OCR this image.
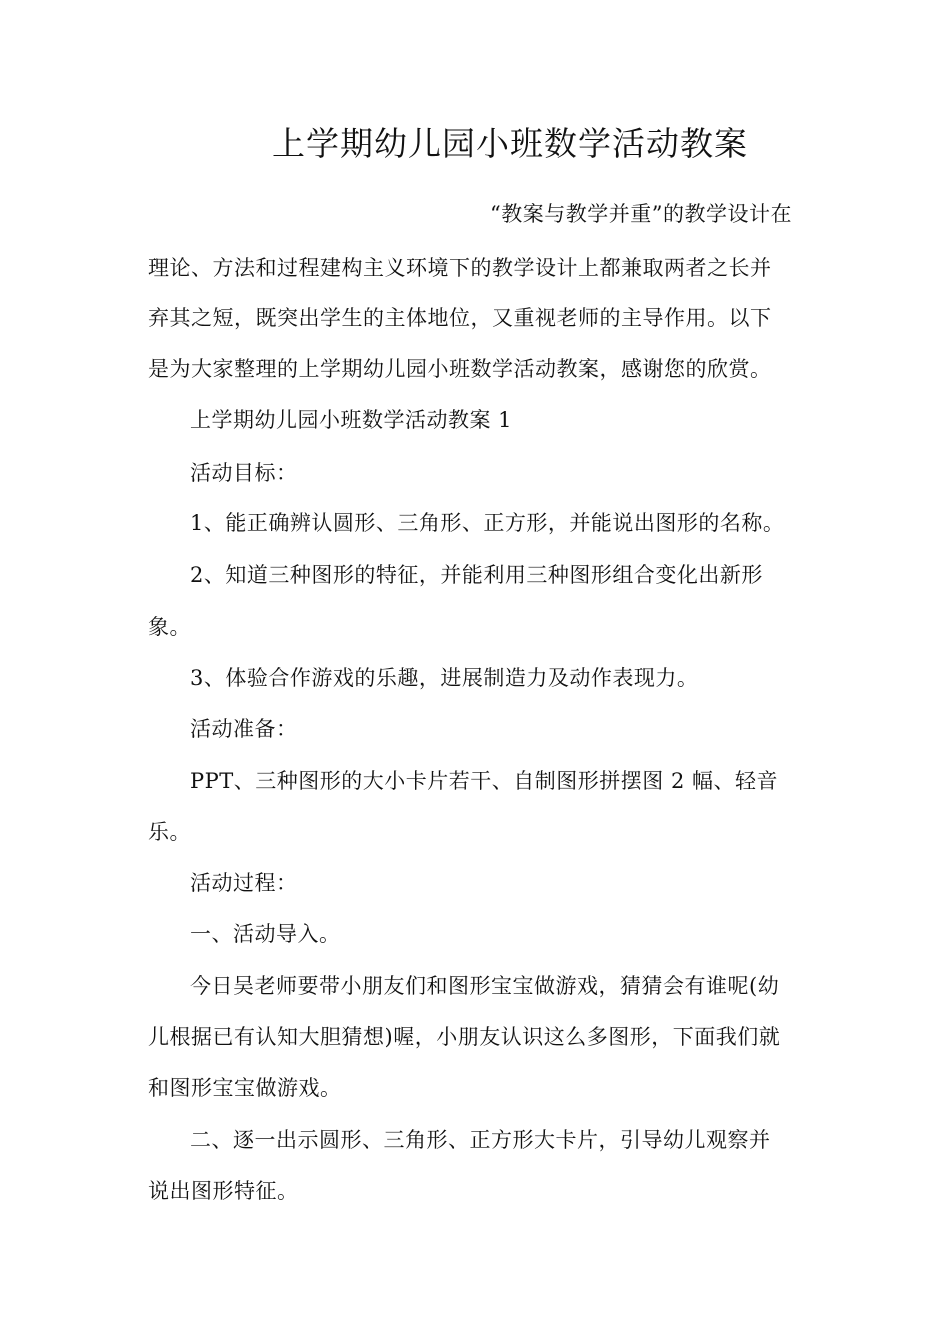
上学期幼儿园小班数学活动教案
“教案与教学并重”的教学设计在
理论、方法和过程建构主义环境下的教学设计上都兼取两者之长并
弃其之短，既突出学生的主体地位，又重视老师的主导作用。以下
是为大家整理的上学期幼儿园小班数学活动教案，感谢您的欣赏。
上学期幼儿园小班数学活动教案 1
活动目标：
1、能正确辨认圆形、三角形、正方形，并能说出图形的名称。
2、知道三种图形的特征，并能利用三种图形组合变化出新形
象。
3、体验合作游戏的乐趣，进展制造力及动作表现力。
活动准备：
PPT、三种图形的大小卡片若干、自制图形拼摆图 2 幅、轻音
乐。
活动过程：
一、活动导入。
今日吴老师要带小朋友们和图形宝宝做游戏，猜猜会有谁呢(幼
儿根据已有认知大胆猜想)喔，小朋友认识这么多图形，下面我们就
和图形宝宝做游戏。
二、逐一出示圆形、三角形、正方形大卡片，引导幼儿观察并
说出图形特征。
